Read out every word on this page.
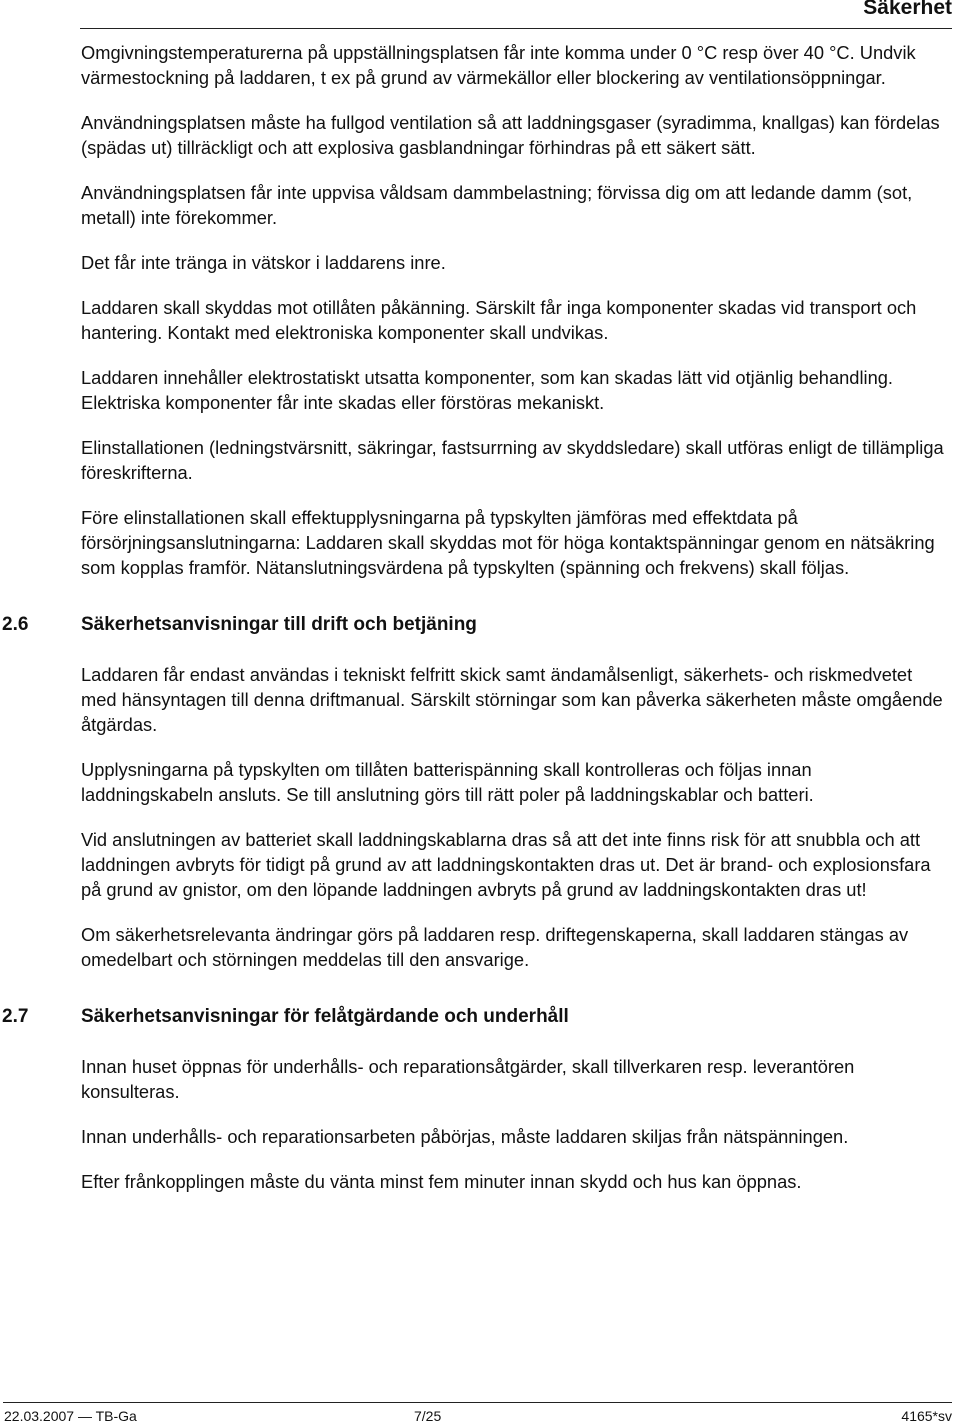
Säkerhet

Omgivningstemperaturerna på uppställningsplatsen får inte komma under 0 °C resp över 40 °C. Undvik värmestockning på laddaren, t ex på grund av värmekällor eller blockering av ventilationsöppningar.

Användningsplatsen måste ha fullgod ventilation så att laddningsgaser (syradimma, knallgas) kan fördelas (spädas ut) tillräckligt och att explosiva gasblandningar förhindras på ett säkert sätt.

Användningsplatsen får inte uppvisa våldsam dammbelastning; förvissa dig om att ledande damm (sot, metall) inte förekommer.

Det får inte tränga in vätskor i laddarens inre.

Laddaren skall skyddas mot otillåten påkänning. Särskilt får inga komponenter skadas vid transport och hantering. Kontakt med elektroniska komponenter skall undvikas.

Laddaren innehåller elektrostatiskt utsatta komponenter, som kan skadas lätt vid otjänlig behandling. Elektriska komponenter får inte skadas eller förstöras mekaniskt.

Elinstallationen (ledningstvärsnitt, säkringar, fastsurrning av skyddsledare) skall utföras enligt de tillämpliga föreskrifterna.

Före elinstallationen skall effektupplysningarna på typskylten jämföras med effektdata på försörjningsanslutningarna: Laddaren skall skyddas mot för höga kontaktspänningar genom en nätsäkring som kopplas framför. Nätanslutningsvärdena på typskylten (spänning och frekvens) skall följas.

2.6	Säkerhetsanvisningar till drift och betjäning

Laddaren får endast användas i tekniskt felfritt skick samt ändamålsenligt, säkerhets- och riskmedvetet med hänsyntagen till denna driftmanual. Särskilt störningar som kan påverka säkerheten måste omgående åtgärdas.

Upplysningarna på typskylten om tillåten batterispänning skall kontrolleras och följas innan laddningskabeln ansluts. Se till anslutning görs till rätt poler på laddningskablar och batteri.

Vid anslutningen av batteriet skall laddningskablarna dras så att det inte finns risk för att snubbla och att laddningen avbryts för tidigt på grund av att laddningskontakten dras ut. Det är brand- och explosionsfara på grund av gnistor, om den löpande laddningen avbryts på grund av laddningskontakten dras ut!

Om säkerhetsrelevanta ändringar görs på laddaren resp. driftegenskaperna, skall laddaren stängas av omedelbart och störningen meddelas till den ansvarige.

2.7	Säkerhetsanvisningar för felåtgärdande och underhåll

Innan huset öppnas för underhålls- och reparationsåtgärder, skall tillverkaren resp. leverantören konsulteras.

Innan underhålls- och reparationsarbeten påbörjas, måste laddaren skiljas från nätspänningen.

Efter frånkopplingen måste du vänta minst fem minuter innan skydd och hus kan öppnas.

22.03.2007 — TB-Ga	7/25	4165*sv
